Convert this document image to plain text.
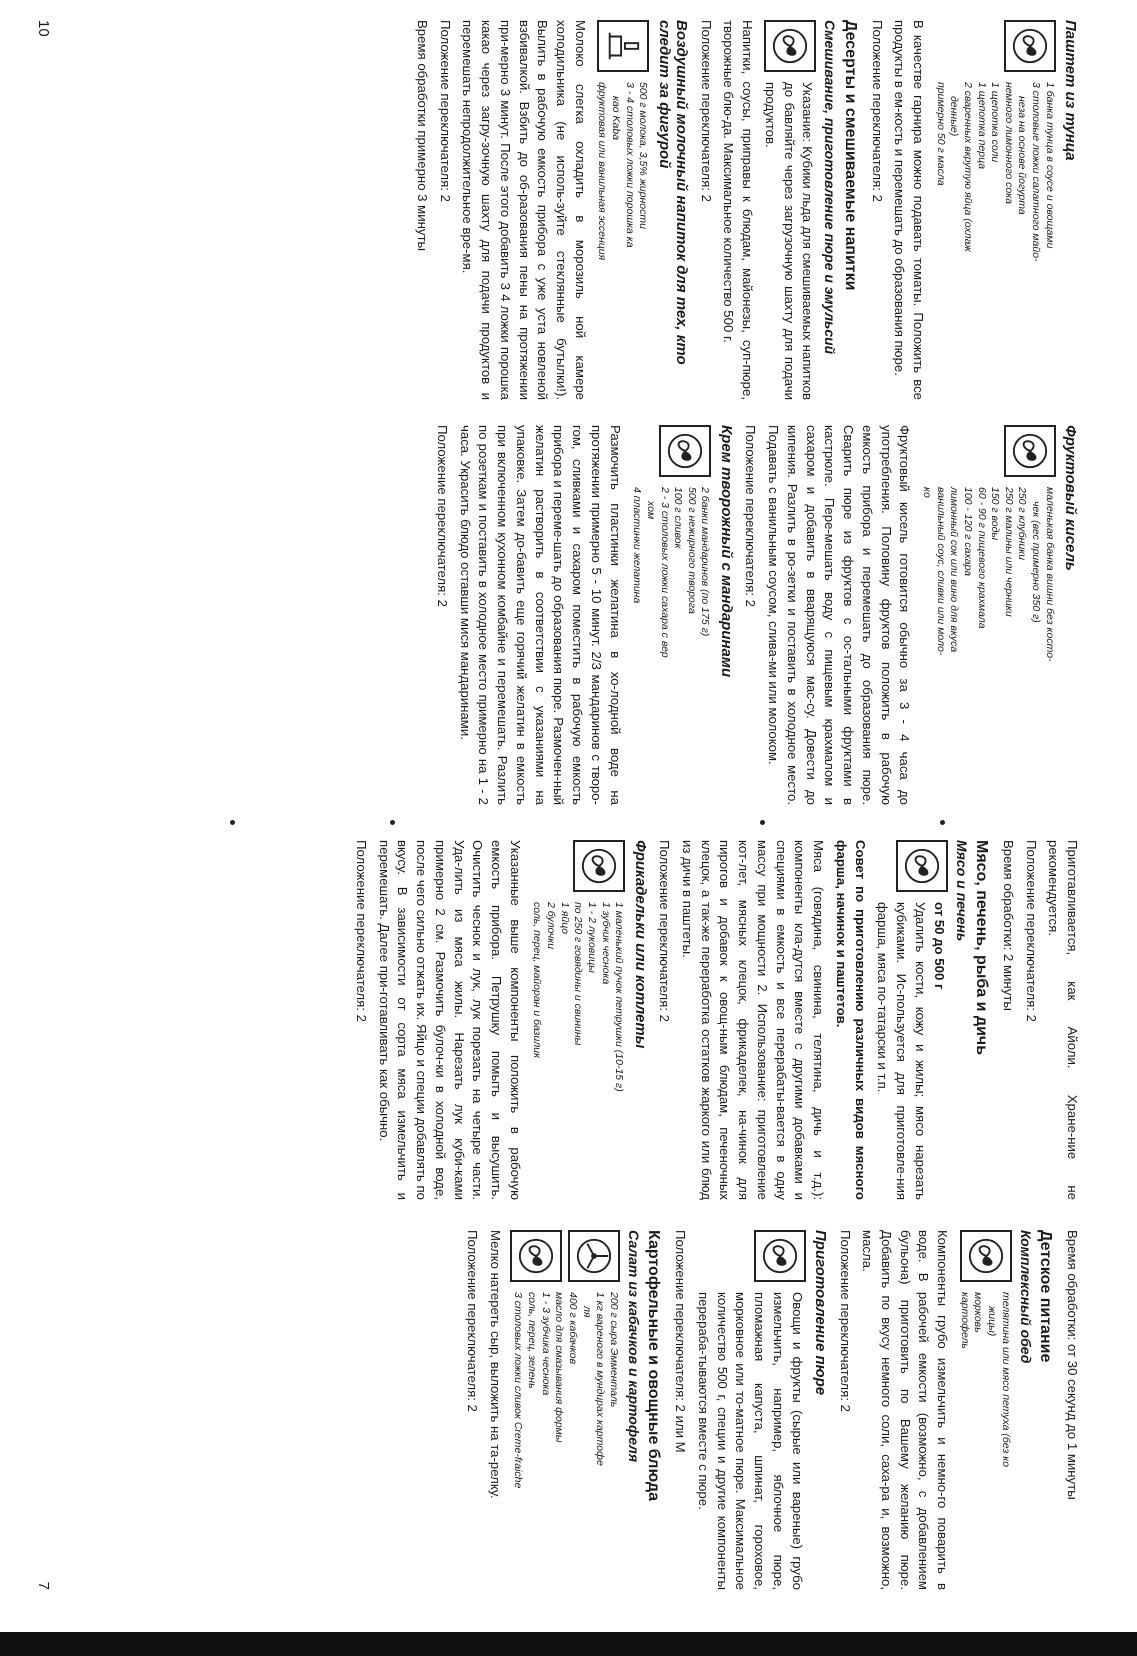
Паштет из тунца
1 банка тунца в соусе и овощами
3 столовые ложки салатного майо-
неза на основе йогурта
немного лимонного сока
1 щепотка соли
1 щепотка перца
2 сваренных вкрутую яйца (охлаж
денные)
примерно 50 г масла

В качестве гарнира можно подавать томаты. Положить все продукты в ем-кость и перемешать до образования пюре.

Положение переключателя: 2

Десерты и смешиваемые напитки
Смешивание, приготовление пюре и эмульсий

Указание: Кубики льда для смешиваемых напитков до бавляйте через загрузочную шахту для подачи продуктов.

Напитки, соусы, приправы к блюдам, майонезы, суп-пюре, творожные блю-да. Максимальное количество 500 г.

Положение переключателя: 2

Воздушный молочный напиток для тех, кто следит за фигурой
500 г молока, 3,5% жирности
3 - 4 столовых ложки порошка ка
као Kaba
фруктовая или ванильная эссенция

Молоко слегка охладить в морозиль ной камере холодильника (не исполь-зуйте стеклянные бутылки!). Вылить в рабочую емкость прибора с уже уста новленой взбивалкой. Взбить до об-разования пены на протяжении при-мерно 3 минут. После этого добавить 3 4 ложки порошка какао через загру-зочную шахту для подачи продуктов и перемешать непродолжительное вре-мя.

Положение переключателя: 2

Время обработки примерно 3 минуты

Фруктовый кисель
маленькая банка вишни без косто-
чек (вес примерно 350 г)
250 г клубники
250 г малины или черники
150 г воды
60 - 90 г пищевого крахмала
100 - 120 г сахара
лимонный сок или вино для вкуса
ванильный соус, сливки или моло-
ко

Фруктовый кисель готовится обычно за 3 - 4 часа до употребления. Половину фруктов положить в рабочую емкость прибора и перемешать до образования пюре. Сварить пюре из фруктов с ос-тальными фруктами в кастрюле. Пере-мешать воду с пищевым крахмалом и сахаром и добавить в вварящуюся мас-су. Довести до кипения. Разлить в ро-зетки и поставить в холодное место. Подавать с ванильным соусом, слива-ми или молоком.

Положение переключателя: 2

Крем творожный с мандаринами
2 банки мандаринов (по 175 г)
500 г нежирного творога
100 г сливок
2 - 3 столовых ложки сахара с вер
хом
4 пластинки желатина

Размочить пластинки желатина в хо-лодной воде на протяжении примерно 5 - 10 минут. 2/3 мандаринов с творо-гом, сливками и сахаром поместить в рабочую емкость прибора и переме-шать до образования пюре. Размочен-ный желатин растворить в соответствии с указаниями на упаковке. Затем до-бавить еще горячий желатин в емкость при включенном кухонном комбайне и перемешать. Разлить по розеткам и поставить в холодное место примерно на 1 - 2 часа. Украсить блюдо оставши мися мандаринами.

Положение переключателя: 2

10

Приготавливается, как Айоли. Хране-ние не рекомендуется.

Положение переключателя: 2

Время обработки: 2 минуты

Мясо, печень, рыба и дичь
Мясо и печень

от 50 до 500 г

Удалить кости, кожу и жилы; мясо нарезать кубиками. Ис-пользуется для приготовле-ния фарша, мяса по-татарски и т.п.

Совет по приготовлению различных видов мясного фарша, начинок и паштетов.

Мяса (говядина, свинина, телятина, дичь и т.д.): компоненты кла-дутся вместе с другими добавками и специями в емкость и все перерабаты-вается в одну массу при мощности 2. Использование: приготовление кот-лет, мясных клецок, фрикаделек, на-чинок для пирогов и добавок к овощ-ным блюдам, печеночных клецок, а так-же переработка остатков жаркого или блюд из дичи в паштеты.

Положение переключателя: 2

Фрикадельки или котлеты
1 маленький пучок петрушки (10-15 г)
1 зубчик чеснока
1 - 2 луковицы
по 250 г говядины и свинины
1 яйцо
2 булочки
соль, перец, майоран и базилик

Указанные выше компоненты положить в рабочую емкость прибора. Петрушку помыть и высушить. Очистить чеснок и лук, лук порезать на четыре части. Уда-лить из мяса жилы. Нарезать лук куби-ками примерно 2 см. Размочить булоч-ки в холодной воде, после чего сильно отжать их. Яйцо и специи добавлять по вкусу. В зависимости от сорта мяса измельчить и перемешать. Далее при-готавливать как обычно.

Положение переключателя: 2

Время обработки: от 30 секунд до 1 минуты

Детское питание
Комплексный обед
телятина или мясо петуха (без ко
жицы)
морковь
картофель

Компоненты грубо измельчить и немно-го поварить в воде. В рабочей емкости (возможно, с добавлением бульона) приготовить по Вашему желанию пюре. Добавить по вкусу немного соли, саха-ра и, возможно, масла.

Положение переключателя: 2

Приготовление пюре

Овощи и фрукты (сырые или вареные) грубо измельчить, например, яблочное пюре, пломажная капуста, шпинат, гороховое, морковное или то-матное пюре. Максимальное количество 500 г, специи и другие компоненты перераба-тываются вместе с пюре.

Положение переключателя: 2 или M

Картофельные и овощные блюда
Салат из кабачков и картофеля
200 г сыра Эмменталь
1 кг вареного в мундирах картофе
ля
400 г кабачков
масло для смазывания формы
1 - 3 зубчика чеснока
соль, перец, зелень
3 столовых ложки сливок Creme-fraiche

Мелко натереть сыр, выложить на та-релку.

Положение переключателя: 2

7
